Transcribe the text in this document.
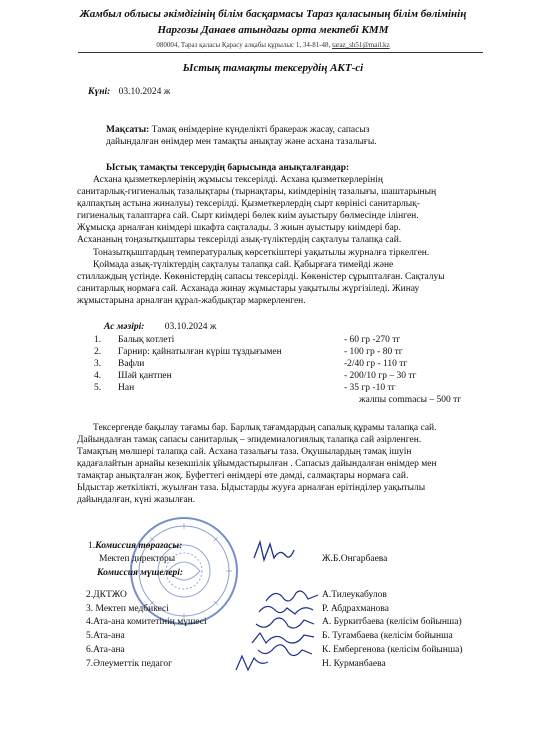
Жамбыл облысы әкімдігінің білім басқармасы Тараз қаласының білім бөлімінің
Наргозы Данаев атындағы орта мектебі КММ
080004, Тараз қаласы Қарасу алқабы құрылыс 1, 34-81-48, taraz_sh51@mail.kz
Ыстық тамақты тексерудің АКТ-сі
Күні: 03.10.2024 ж
Мақсаты: Тамақ өнімдеріне күнделікті бракераж жасау, сапасыз
дайындалған өнімдер мен тамақты анықтау және асхана тазалығы.
Ыстық тамақты тексерудің барысында анықталғандар:
Асхана қызметкерлерінің жұмысы тексерілді. Асхана қызметкерлерінің
санитарлық-гигиеналық тазалықтары (тырнақтары, киімдерінің тазалығы, шаштарының
қалпақтың астына жиналуы) тексерілді. Қызметкерлердің сырт көрінісі санитарлық-
гигиеналық талаптарға сай. Сырт киімдері бөлек киім ауыстыру бөлмесінде ілінген.
Жұмысқа арналған киімдері шкафта сақталады. 3 жиын ауыстыру киімдері бар.
Асхананың тоңазытқыштары тексерілді азық-түліктердің сақталуы талапқа сай.
Тоназытқыштардың температуралық көрсеткіштері уақытылы журналға тіркелген.
Қоймада азық-түліктердің сақталуы талапқа сай. Қабырғаға тимейді және
стиллаждың үстінде. Көкөністердің сапасы тексерілді. Көкөністер сұрыпталған. Сақталуы
санитарлық нормаға сай. Асханада жинау жұмыстары уақытылы жүргізіледі. Жинау
жұмыстарына арналған құрал-жабдықтар маркерленген.
Ас мәзірі: 03.10.2024 ж
1. Балық котлеті	- 60 гр -270 тг
2. Гарнир: қайнатылған күріш тұздығымен	- 100 гр - 80 тг
3. Вафли	-2/40 гр - 110 тг
4. Шәй қантпен	- 200/10 гр – 30 тг
5. Нан	- 35 гр -10 тг
жалпы сommасы – 500 тг
Тексергенде бақылау тағамы бар. Барлық тағамдардың сапалық құрамы талапқа сай.
Дайындалған тамақ сапасы санитарлық – эпидемиалогиялық талапқа сай әзірленген.
Тамақтың мөлшері талапқа сай. Асхана тазалығы таза. Оқушылардың тамақ ішуін
қадағалайтын арнайы кезекшілік ұйымдастырылған . Сапасыз дайындалған өнімдер мен
тамақтар анықталған жоқ. Буфеттегі өнімдері өте дәмді, салмақтары нормаға сай.
Ыдыстар жеткілікті, жуылған таза. Ыдыстарды жууға арналған ерітінділер уақытылы
дайындалған, күні жазылған.
1.Комиссия төрағасы:
Мектеп директоры	Ж.Б.Онгарбаева
Комиссия мүшелері:
2.ДКТЖО	А.Тилеукабулов
3. Мектеп медбикесі	Р. Абдрахманова
4.Ата-ана комитетінің мүшесі	А. Буркитбаева (келісім бойынша)
5.Ата-ана	Б. Тугамбаева (келісім бойынша
6.Ата-ана	К. Ембергенова (келісім бойынша)
7.Әлеуметтік педагог	Н. Курманбаева
